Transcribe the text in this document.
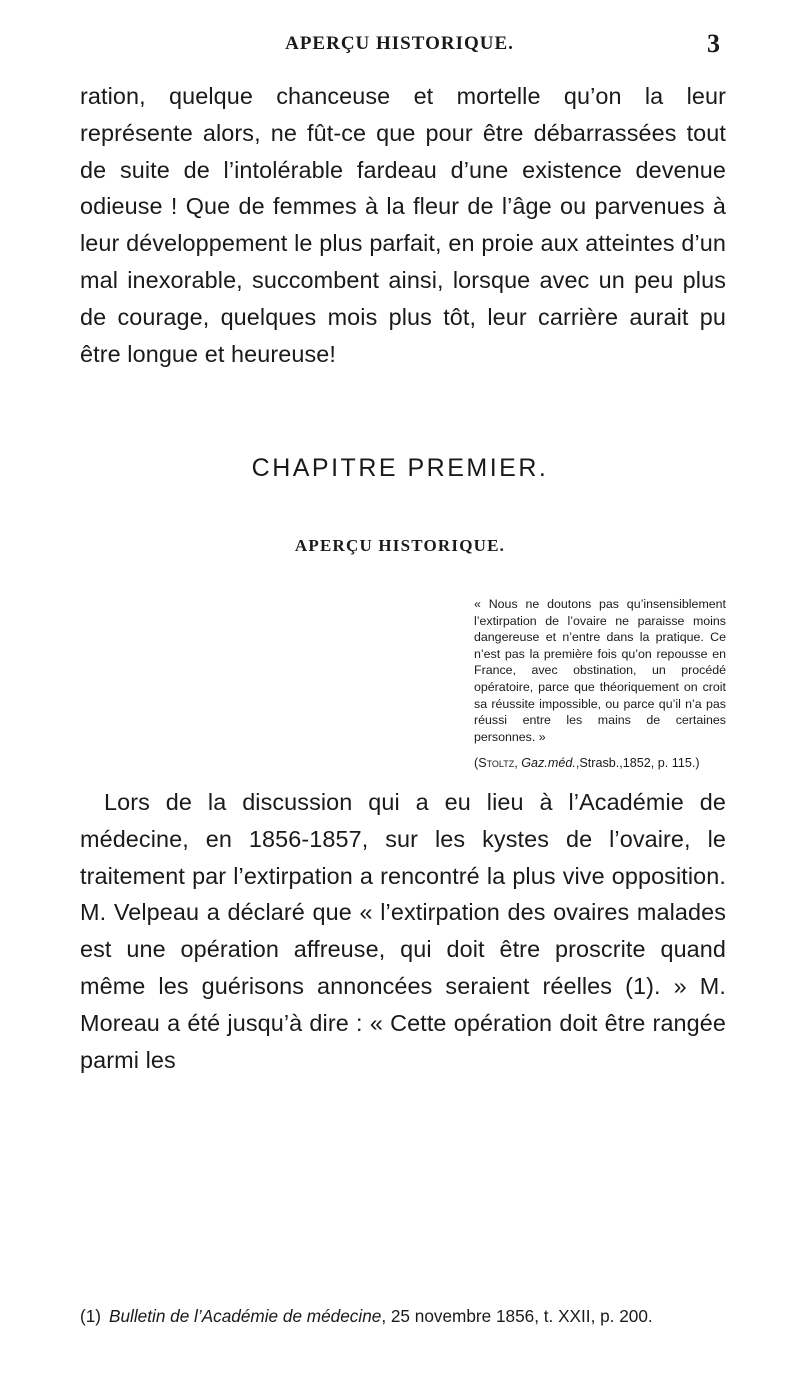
APERÇU HISTORIQUE.	3

ration, quelque chanceuse et mortelle qu’on la leur représente alors, ne fût-ce que pour être débarrassées tout de suite de l’intolérable fardeau d’une existence devenue odieuse ! Que de femmes à la fleur de l’âge ou parvenues à leur développement le plus parfait, en proie aux atteintes d’un mal inexorable, succombent ainsi, lorsque avec un peu plus de courage, quelques mois plus tôt, leur carrière aurait pu être longue et heureuse!

CHAPITRE PREMIER.
APERÇU HISTORIQUE.

« Nous ne doutons pas qu’insensiblement l’extirpation de l’ovaire ne paraisse moins dangereuse et n’entre dans la pratique. Ce n’est pas la première fois qu’on repousse en France, avec obstination, un procédé opératoire, parce que théoriquement on croit sa réussite impossible, ou parce qu’il n’a pas réussi entre les mains de certaines personnes. »

(Stoltz, Gaz.méd.,Strasb.,1852, p. 115.)

Lors de la discussion qui a eu lieu à l’Académie de médecine, en 1856-1857, sur les kystes de l’ovaire, le traitement par l’extirpation a rencontré la plus vive opposition. M. Velpeau a déclaré que « l’extirpation des ovaires malades est une opération affreuse, qui doit être proscrite quand même les guérisons annoncées seraient réelles (1). » M. Moreau a été jusqu’à dire : « Cette opération doit être rangée parmi les

(1) Bulletin de l’Académie de médecine, 25 novembre 1856, t. XXII, p. 200.
